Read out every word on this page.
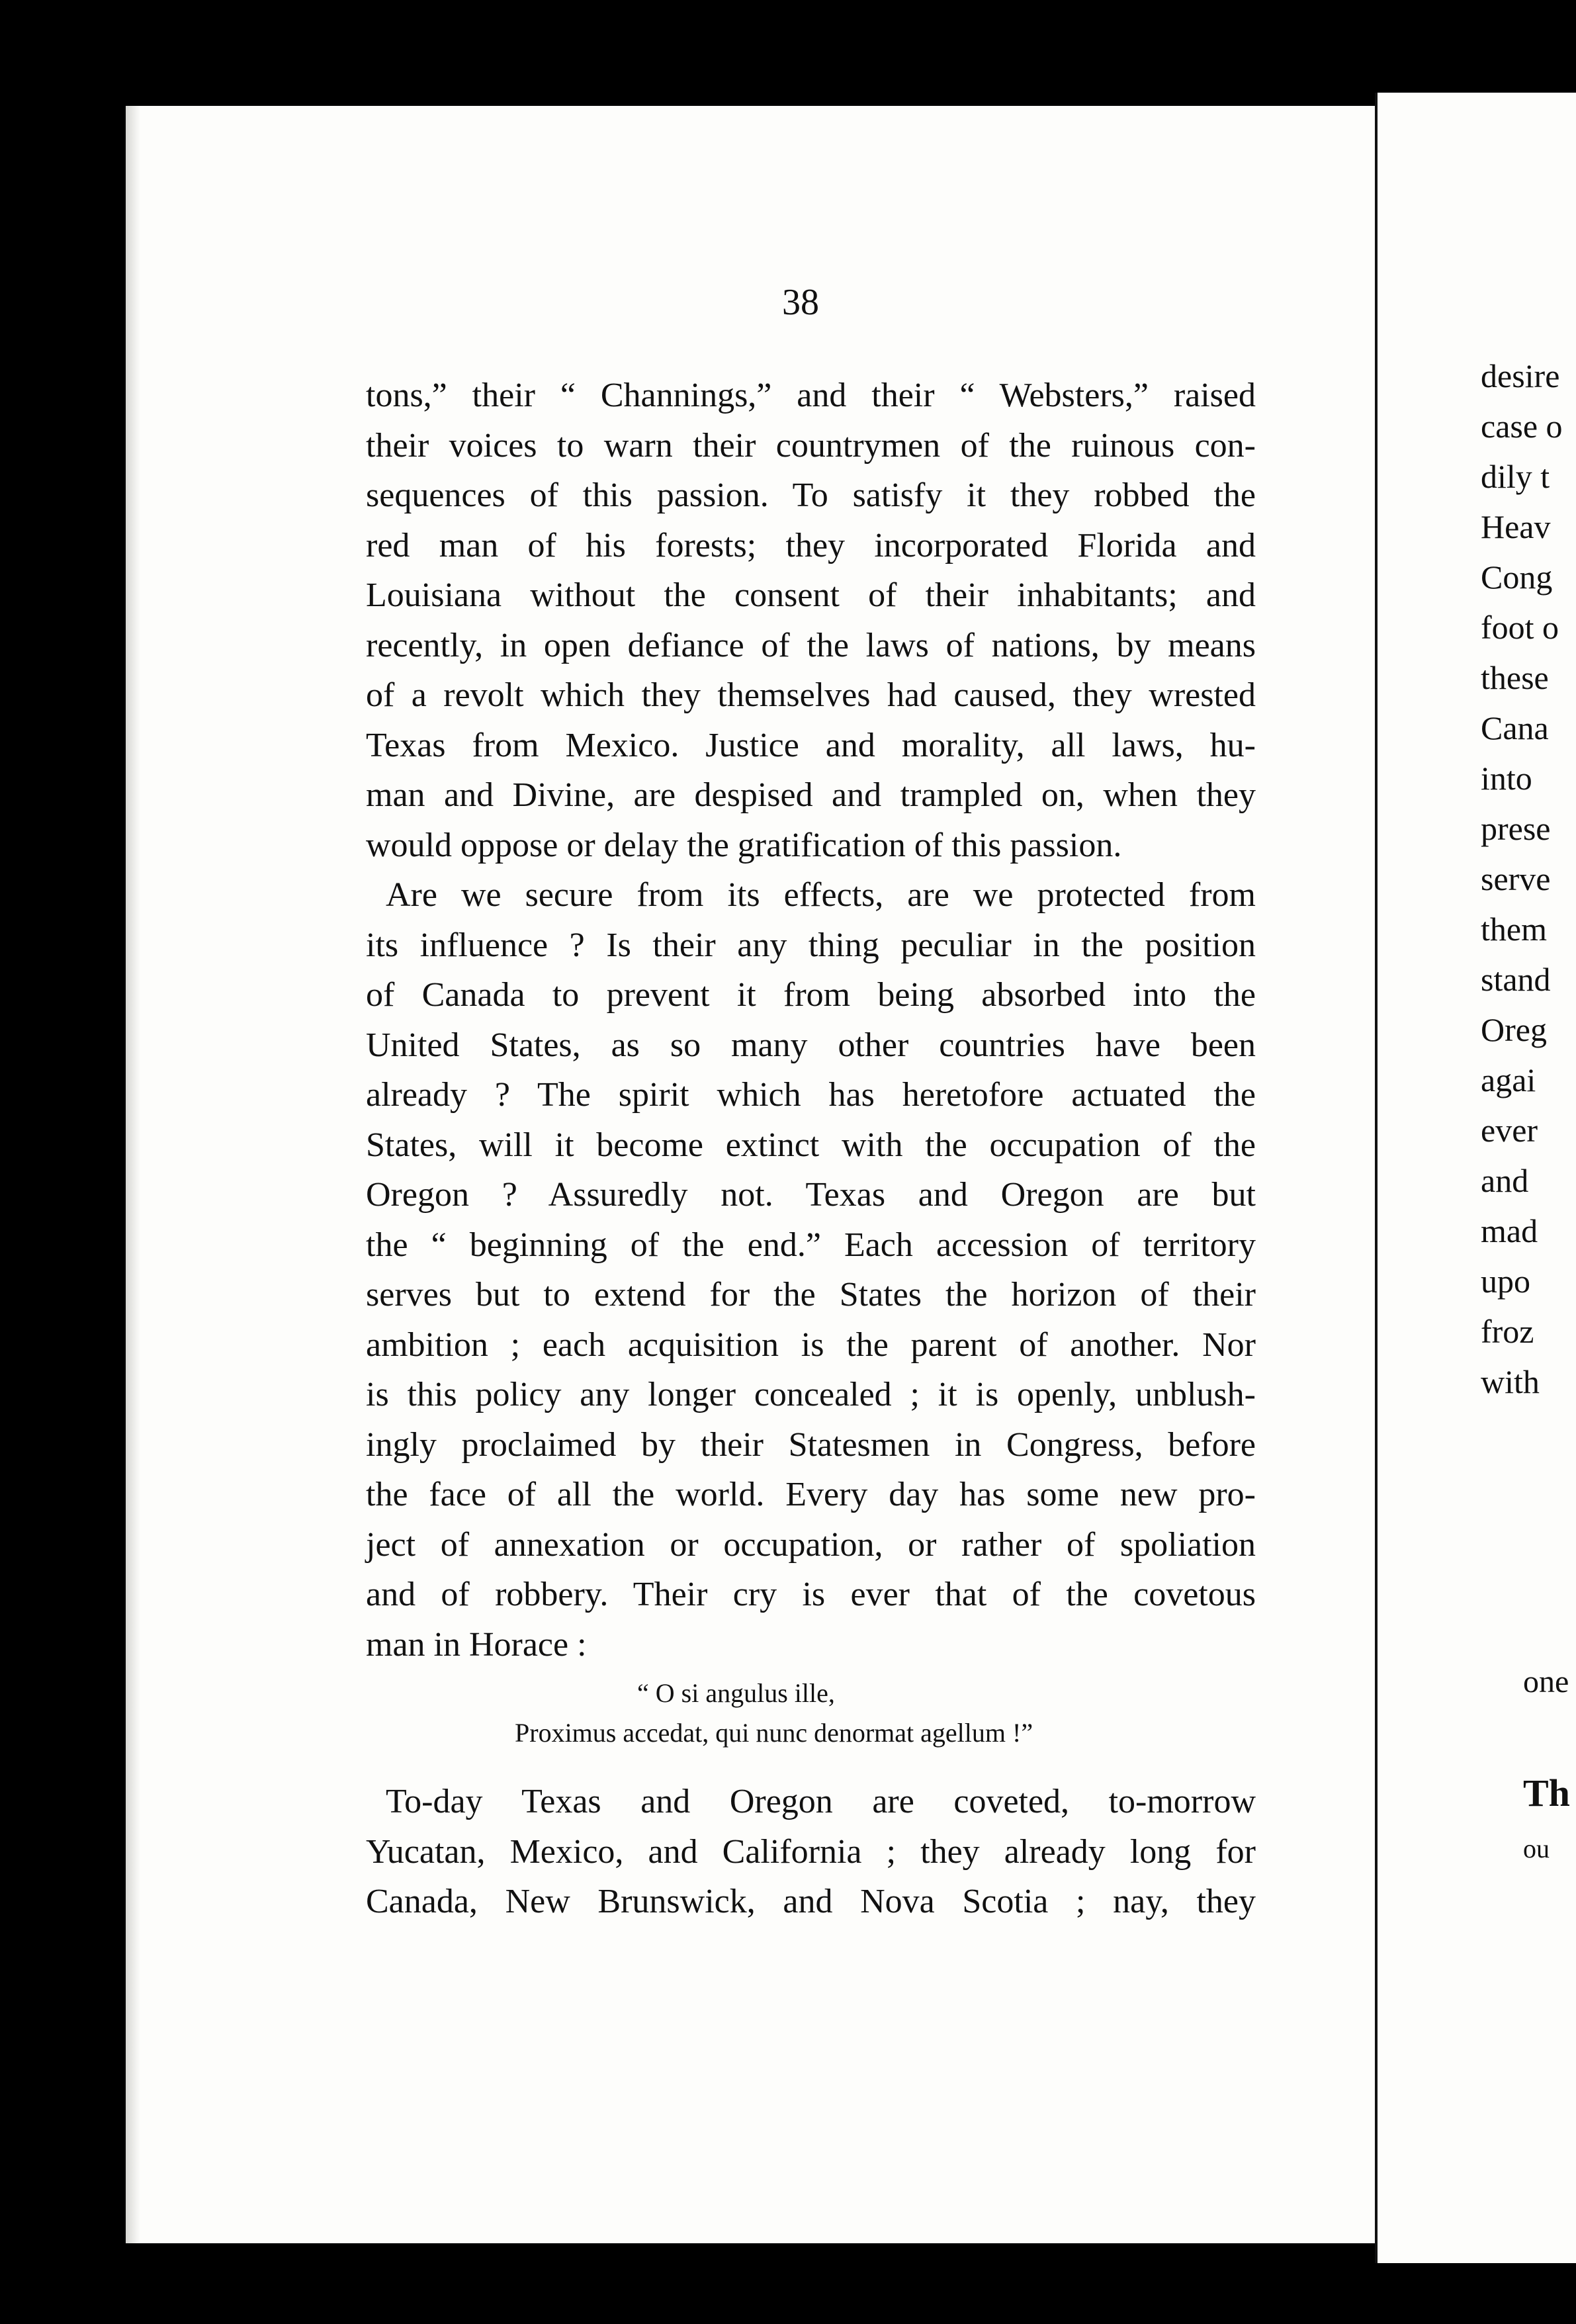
38
tons,” their “ Channings,” and their “ Websters,” raised
their voices to warn their countrymen of the ruinous con-
sequences of this passion. To satisfy it they robbed the
red man of his forests; they incorporated Florida and
Louisiana without the consent of their inhabitants; and
recently, in open defiance of the laws of nations, by means
of a revolt which they themselves had caused, they wrested
Texas from Mexico. Justice and morality, all laws, hu-
man and Divine, are despised and trampled on, when they
would oppose or delay the gratification of this passion.
Are we secure from its effects, are we protected from
its influence ? Is their any thing peculiar in the position
of Canada to prevent it from being absorbed into the
United States, as so many other countries have been
already ? The spirit which has heretofore actuated the
States, will it become extinct with the occupation of the
Oregon ? Assuredly not. Texas and Oregon are but
the “ beginning of the end.” Each accession of territory
serves but to extend for the States the horizon of their
ambition ; each acquisition is the parent of another. Nor
is this policy any longer concealed ; it is openly, unblush-
ingly proclaimed by their Statesmen in Congress, before
the face of all the world. Every day has some new pro-
ject of annexation or occupation, or rather of spoliation
and of robbery. Their cry is ever that of the covetous
man in Horace :
“ O si angulus ille,
Proximus accedat, qui nunc denormat agellum !”
To-day Texas and Oregon are coveted, to-morrow
Yucatan, Mexico, and California ; they already long for
Canada, New Brunswick, and Nova Scotia ; nay, they
desire
case o
dily t
Heav
Cong
foot o
these
Cana
into
prese
serve
them
stand
Oreg
agai
ever
and
mad
upo
froz
with
one
Th
ou
